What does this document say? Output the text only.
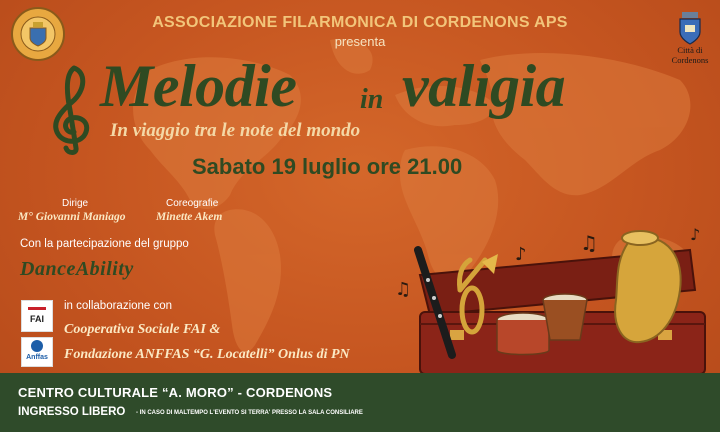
Città di Cordenons
ASSOCIAZIONE FILARMONICA DI CORDENONS APS
presenta
Melodie in valigia
In viaggio tra le note del mondo
Sabato 19 luglio ore 21.00
Dirige
M° Giovanni Maniago
Coreografie
Minette Akem
Con la partecipazione del gruppo
DanceAbility
FAI
Anffas
in collaborazione con
Cooperativa Sociale FAI &
Fondazione ANFFAS “G. Locatelli” Onlus di PN
♪	♫	♪
♫
CENTRO CULTURALE “A. MORO” - CORDENONS
INGRESSO LIBERO - IN CASO DI MALTEMPO L'EVENTO SI TERRA' PRESSO LA SALA CONSILIARE
